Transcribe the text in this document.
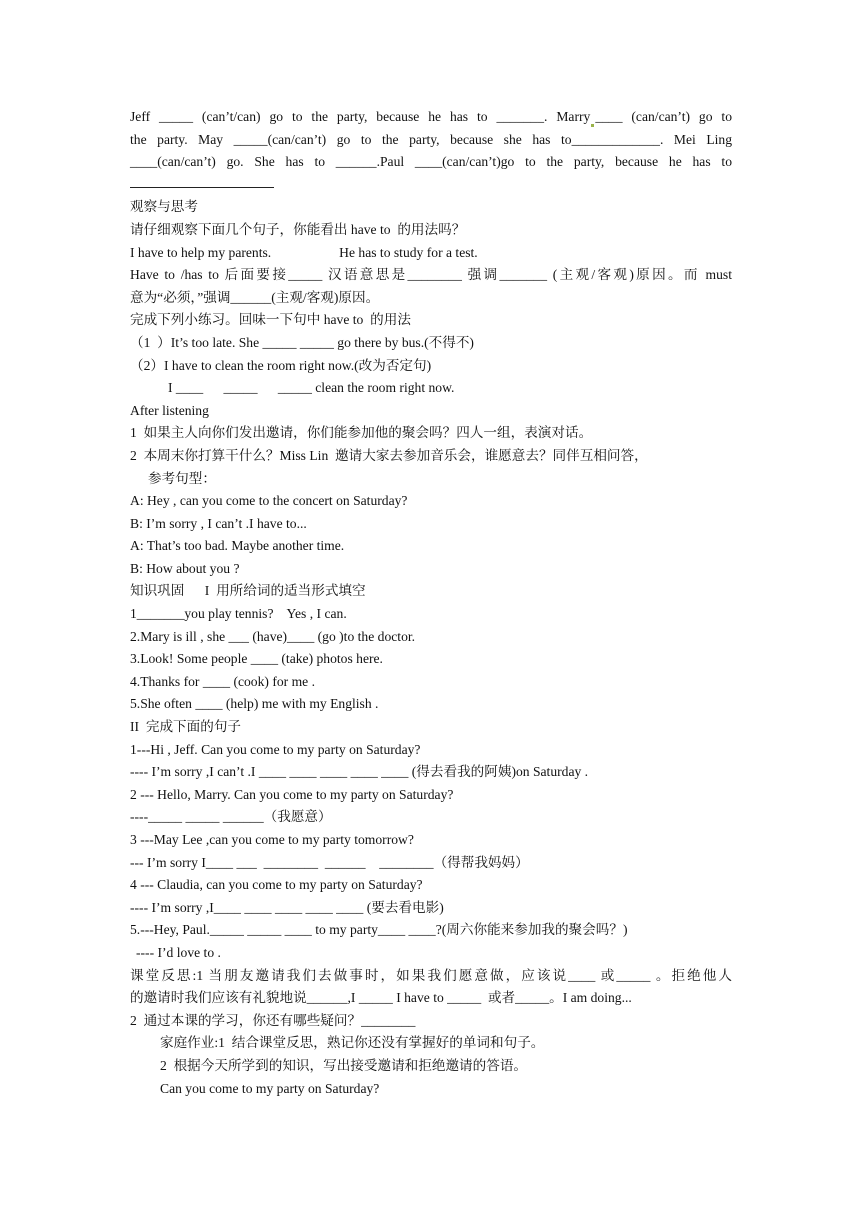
Jeff _____ (can’t/can) go to the party, because he has to _______. Marry ____ (can/can’t) go to
the party. May _____(can/can’t) go to the party, because she has to_____________. Mei Ling
____(can/can’t) go. She has to ______.Paul ____(can/can’t)go to the party, because he has to
观察与思考
请仔细观察下面几个句子，你能看出 have to  的用法吗？
I have to help my parents.                    He has to study for a test.
Have to /has to 后面要接_____ 汉语意思是________ 强调_______ (主观/客观)原因。而 must
意为“必须，”强调______(主观/客观)原因。
完成下列小练习。回味一下句中 have to  的用法
（1  ）It’s too late. She _____ _____ go there by bus.(不得不)
（2）I have to clean the room right now.(改为否定句)
I ____      _____      _____ clean the room right now.
After listening
1  如果主人向你们发出邀请，你们能参加他的聚会吗？四人一组，表演对话。
2  本周末你打算干什么？Miss Lin  邀请大家去参加音乐会，谁愿意去？同伴互相问答，
参考句型：
A: Hey , can you come to the concert on Saturday?
B: I’m sorry , I can’t .I have to...
A: That’s too bad. Maybe another time.
B: How about you ?
知识巩固      I  用所给词的适当形式填空
1_______you play tennis?    Yes , I can.
2.Mary is ill , she ___ (have)____ (go )to the doctor.
3.Look! Some people ____ (take) photos here.
4.Thanks for ____ (cook) for me .
5.She often ____ (help) me with my English .
II  完成下面的句子
1---Hi , Jeff. Can you come to my party on Saturday?
---- I’m sorry ,I can’t .I ____ ____ ____ ____ ____ (得去看我的阿姨)on Saturday .
2 --- Hello, Marry. Can you come to my party on Saturday?
----_____ _____ ______（我愿意）
3 ---May Lee ,can you come to my party tomorrow?
--- I’m sorry I____ ___  ________  ______    ________（得帮我妈妈）
4 --- Claudia, can you come to my party on Saturday?
---- I’m sorry ,I____ ____ ____ ____ ____ (要去看电影)
5.---Hey, Paul._____ _____ ____ to my party____ ____?(周六你能来参加我的聚会吗？)
---- I’d love to .
课堂反思:1 当朋友邀请我们去做事时，如果我们愿意做，应该说____ 或_____ 。拒绝他人
的邀请时我们应该有礼貌地说______,I _____ I have to _____  或者_____。I am doing...
2  通过本课的学习，你还有哪些疑问？________
家庭作业:1  结合课堂反思，熟记你还没有掌握好的单词和句子。
2  根据今天所学到的知识，写出接受邀请和拒绝邀请的答语。
Can you come to my party on Saturday?
